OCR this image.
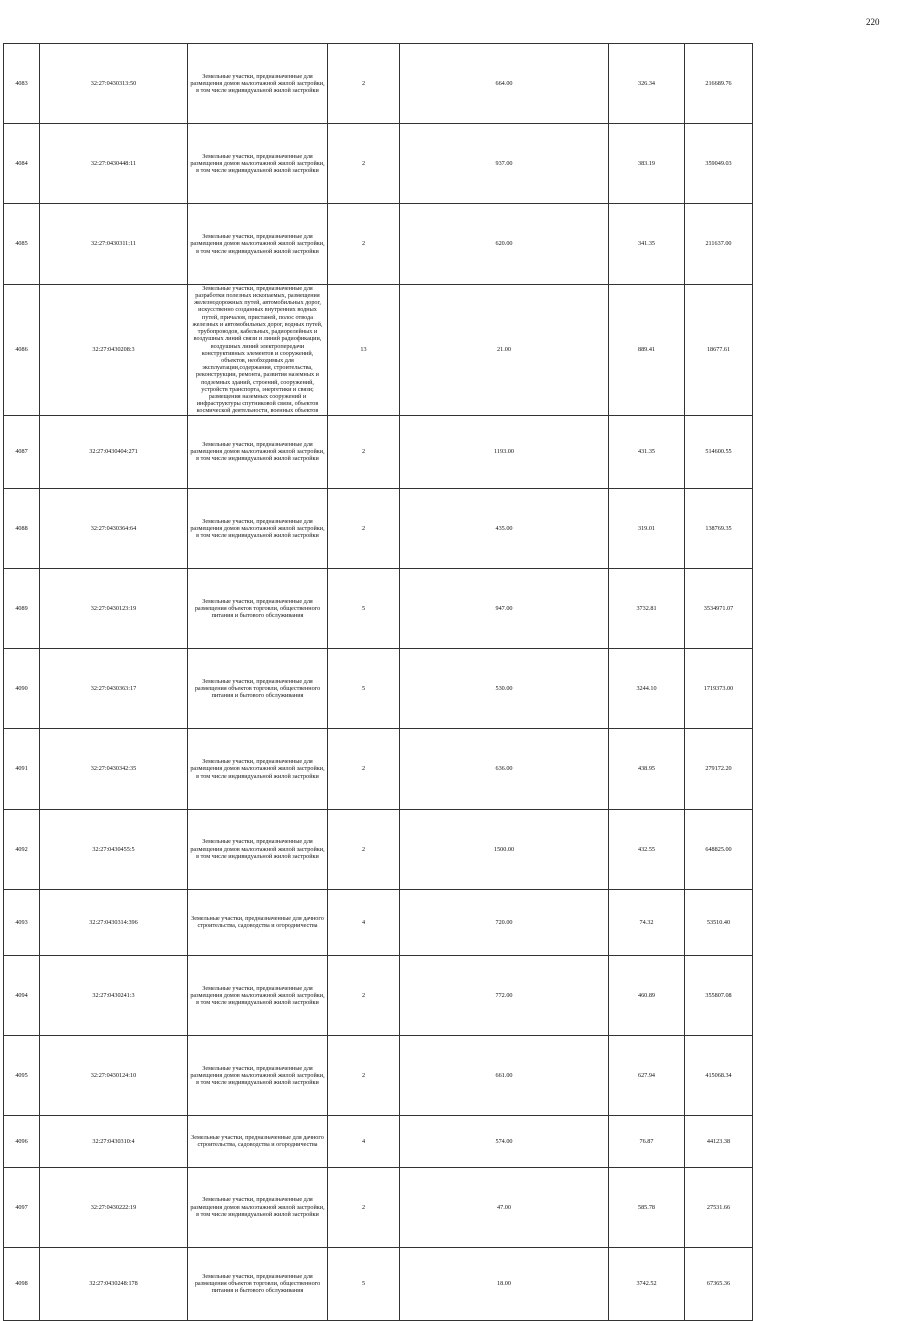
220
4083		32:27:0430313:50	Земельные участки, предназначенные для размещения домов малоэтажной жилой застройки, в том числе индивидуальной жилой застройки	2	664.00	326.34	216689.76
4084		32:27:0430448:11	Земельные участки, предназначенные для размещения домов малоэтажной жилой застройки, в том числе индивидуальной жилой застройки	2	937.00	383.19	359049.03
4085		32:27:0430311:11	Земельные участки, предназначенные для размещения домов малоэтажной жилой застройки, в том числе индивидуальной жилой застройки	2	620.00	341.35	211637.00
4086		32:27:0430208:3	Земельные участки, предназначенные для разработки полезных ископаемых, размещения железнодорожных путей, автомобильных дорог, искусственно созданных внутренних водных путей, причалов, пристаней, полос отвода железных и автомобильных дорог, водных путей, трубопроводов, кабельных, радиорелейных и воздушных линий связи и линий радиофикации, воздушных линий электропередачи конструктивных элементов и сооружений, объектов, необходимых для эксплуатации,содержания, строительства, реконструкции, ремонта, развития наземных и подземных зданий, строений, сооружений, устройств транспорта, энергетики и связи; размещения наземных сооружений и инфраструктуры спутниковой связи, объектов космической деятельности, военных объектов	13	21.00	889.41	18677.61
4087		32:27:0430404:271	Земельные участки, предназначенные для размещения домов малоэтажной жилой застройки, в том числе индивидуальной жилой застройки	2	1193.00	431.35	514600.55
4088		32:27:0430364:64	Земельные участки, предназначенные для размещения домов малоэтажной жилой застройки, в том числе индивидуальной жилой застройки	2	435.00	319.01	138769.35
4089		32:27:0430123:19	Земельные участки, предназначенные для размещения объектов торговли, общественного питания и бытового обслуживания	5	947.00	3732.81	3534971.07
4090		32:27:0430363:17	Земельные участки, предназначенные для размещения объектов торговли, общественного питания и бытового обслуживания	5	530.00	3244.10	1719373.00
4091		32:27:0430342:35	Земельные участки, предназначенные для размещения домов малоэтажной жилой застройки, в том числе индивидуальной жилой застройки	2	636.00	438.95	279172.20
4092		32:27:0430455:5	Земельные участки, предназначенные для размещения домов малоэтажной жилой застройки, в том числе индивидуальной жилой застройки	2	1500.00	432.55	648825.00
4093		32:27:0430314:396	Земельные участки, предназначенные для дачного строительства, садоводства и огородничества	4	720.00	74.32	53510.40
4094		32:27:0430241:3	Земельные участки, предназначенные для размещения домов малоэтажной жилой застройки, в том числе индивидуальной жилой застройки	2	772.00	460.89	355807.08
4095		32:27:0430124:10	Земельные участки, предназначенные для размещения домов малоэтажной жилой застройки, в том числе индивидуальной жилой застройки	2	661.00	627.94	415068.34
4096		32:27:0430310:4	Земельные участки, предназначенные для дачного строительства, садоводства и огородничества	4	574.00	76.87	44123.38
4097		32:27:0430222:19	Земельные участки, предназначенные для размещения домов малоэтажной жилой застройки, в том числе индивидуальной жилой застройки	2	47.00	585.78	27531.66
4098		32:27:0430248:178	Земельные участки, предназначенные для размещения объектов торговли, общественного питания и бытового обслуживания	5	18.00	3742.52	67365.36
